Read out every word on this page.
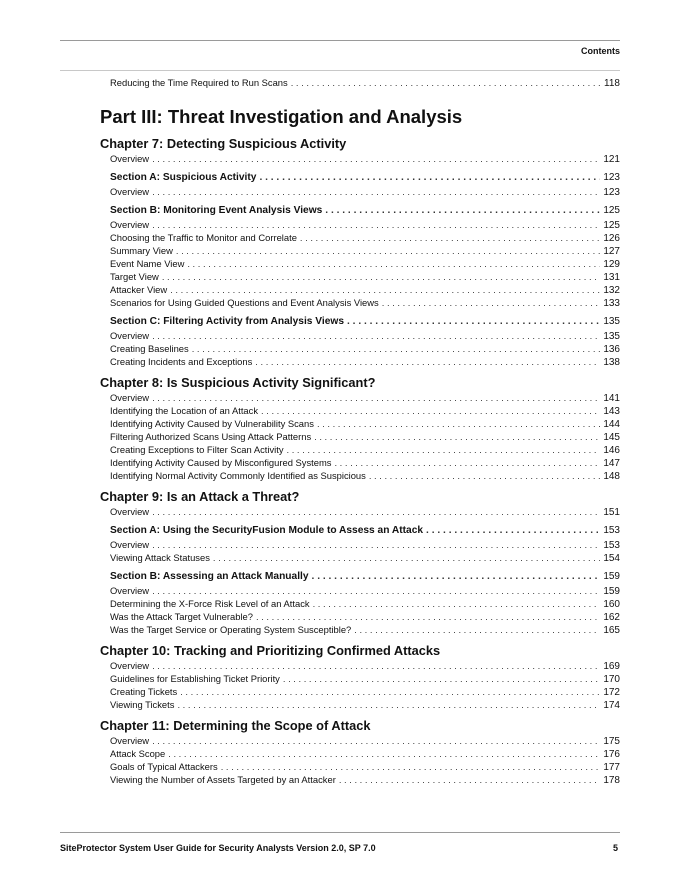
Contents
Reducing the Time Required to Run Scans . . .	118
Part III: Threat Investigation and Analysis
Chapter 7: Detecting Suspicious Activity
Overview . . .	121
Section A: Suspicious Activity . . .	123
Overview . . .	123
Section B: Monitoring Event Analysis Views . . .	125
Overview . . .	125
Choosing the Traffic to Monitor and Correlate . . .	126
Summary View . . .	127
Event Name View . . .	129
Target View . . .	131
Attacker View . . .	132
Scenarios for Using Guided Questions and Event Analysis Views . . .	133
Section C: Filtering Activity from Analysis Views . . .	135
Overview . . .	135
Creating Baselines . . .	136
Creating Incidents and Exceptions . . .	138
Chapter 8: Is Suspicious Activity Significant?
Overview . . .	141
Identifying the Location of an Attack . . .	143
Identifying Activity Caused by Vulnerability Scans . . .	144
Filtering Authorized Scans Using Attack Patterns . . .	145
Creating Exceptions to Filter Scan Activity . . .	146
Identifying Activity Caused by Misconfigured Systems . . .	147
Identifying Normal Activity Commonly Identified as Suspicious . . .	148
Chapter 9: Is an Attack a Threat?
Overview . . .	151
Section A: Using the SecurityFusion Module to Assess an Attack . . .	153
Overview . . .	153
Viewing Attack Statuses . . .	154
Section B: Assessing an Attack Manually . . .	159
Overview . . .	159
Determining the X-Force Risk Level of an Attack . . .	160
Was the Attack Target Vulnerable? . . .	162
Was the Target Service or Operating System Susceptible? . . .	165
Chapter 10: Tracking and Prioritizing Confirmed Attacks
Overview . . .	169
Guidelines for Establishing Ticket Priority . . .	170
Creating Tickets . . .	172
Viewing Tickets . . .	174
Chapter 11: Determining the Scope of Attack
Overview . . .	175
Attack Scope . . .	176
Goals of Typical Attackers . . .	177
Viewing the Number of Assets Targeted by an Attacker . . .	178
SiteProtector System User Guide for Security Analysts Version 2.0, SP 7.0	5
